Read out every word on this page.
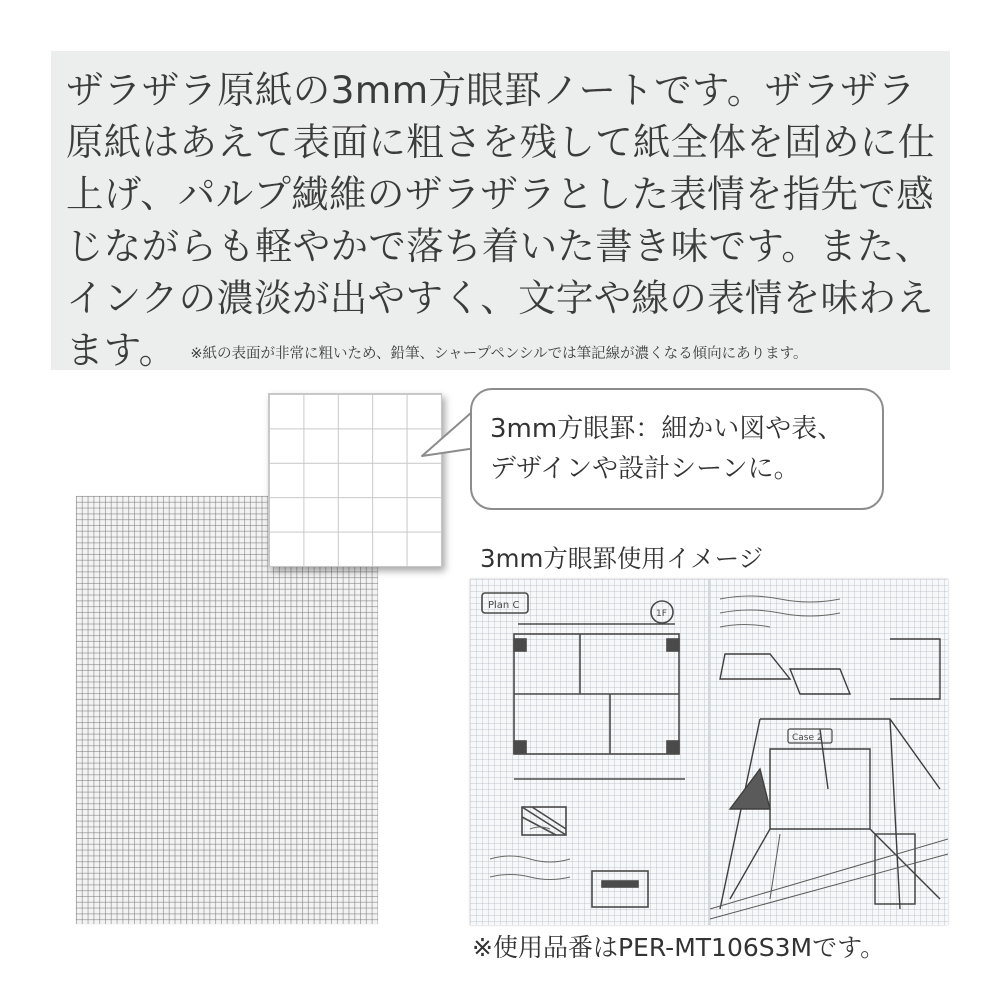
ザラザラ原紙の3mm方眼罫ノートです。ザラザラ原紙はあえて表面に粗さを残して紙全体を固めに仕上げ、パルプ繊維のザラザラとした表情を指先で感じながらも軽やかで落ち着いた書き味です。また、インクの濃淡が出やすく、文字や線の表情を味わえます。 ※紙の表面が非常に粗いため、鉛筆、シャープペンシルでは筆記線が濃くなる傾向にあります。

3mm方眼罫：細かい図や表、
デザインや設計シーンに。

3mm方眼罫使用イメージ
Plan C
1F
Case 2
※使用品番はPER-MT106S3Mです。
